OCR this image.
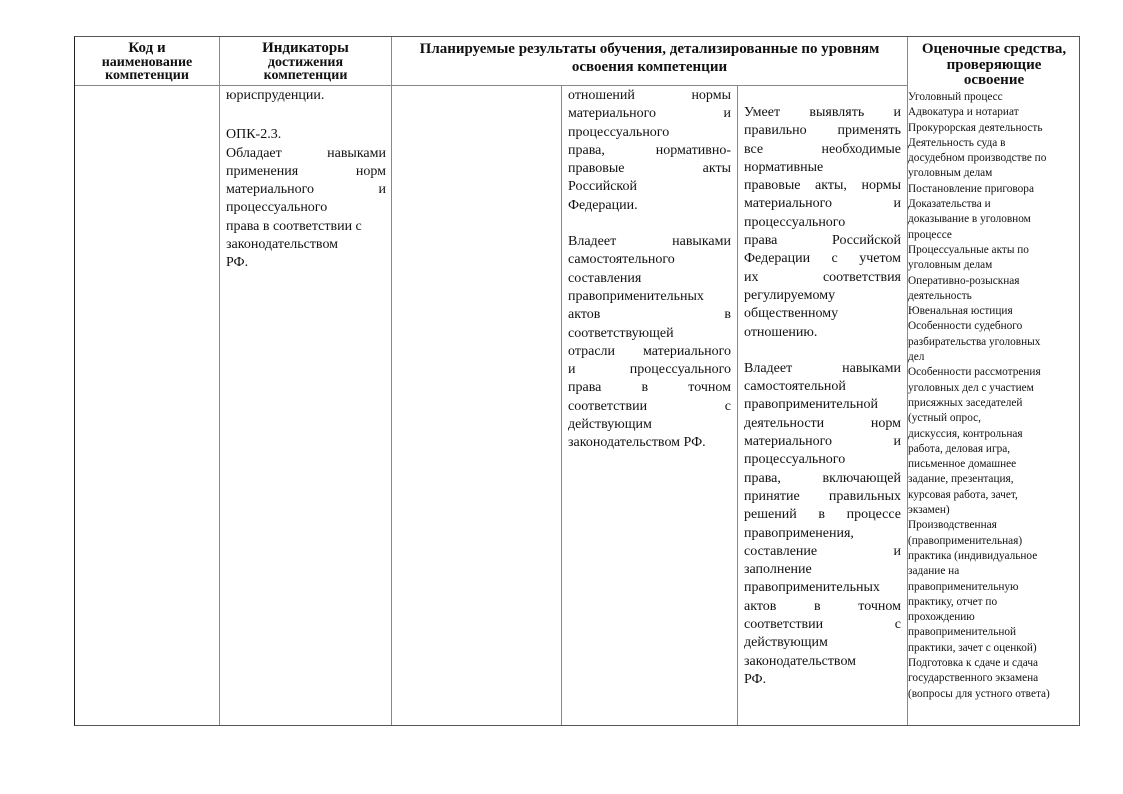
Код и
наименование
компетенции
Индикаторы
достижения
компетенции
Планируемые результаты обучения, детализированные по уровням
освоения компетенции
Оценочные средства,
проверяющие
освоение

юриспруденции.

ОПК-2.3.

Обладает навыками

применения норм

материального и

процессуального

права в соответствии с

законодательством

РФ.

отношений нормы

материального и

процессуального

права, нормативно-

правовые акты

Российской

Федерации.

Владеет навыками

самостоятельного

составления

правоприменительных

актов в

соответствующей

отрасли материального

и процессуального

права в точном

соответствии с

действующим

законодательством РФ.

Умеет выявлять и

правильно применять

все необходимые

нормативные

правовые акты, нормы

материального и

процессуального

права Российской

Федерации с учетом

их соответствия

регулируемому

общественному

отношению.

Владеет навыками

самостоятельной

правоприменительной

деятельности норм

материального и

процессуального

права, включающей

принятие правильных

решений в процессе

правоприменения,

составление и

заполнение

правоприменительных

актов в точном

соответствии с

действующим

законодательством

РФ.

Уголовный процесс

Адвокатура и нотариат

Прокурорская деятельность

Деятельность суда в

досудебном производстве по

уголовным делам

Постановление приговора

Доказательства и

доказывание в уголовном

процессе

Процессуальные акты по

уголовным делам

Оперативно-розыскная

деятельность

Ювенальная юстиция

Особенности судебного

разбирательства уголовных

дел

Особенности рассмотрения

уголовных дел с участием

присяжных заседателей

(устный опрос,

дискуссия, контрольная

работа, деловая игра,

письменное домашнее

задание, презентация,

курсовая работа, зачет,

экзамен)

Производственная

(правоприменительная)

практика (индивидуальное

задание на

правоприменительную

практику, отчет по

прохождению

правоприменительной

практики, зачет с оценкой)

Подготовка к сдаче и сдача

государственного экзамена

(вопросы для устного ответа)
